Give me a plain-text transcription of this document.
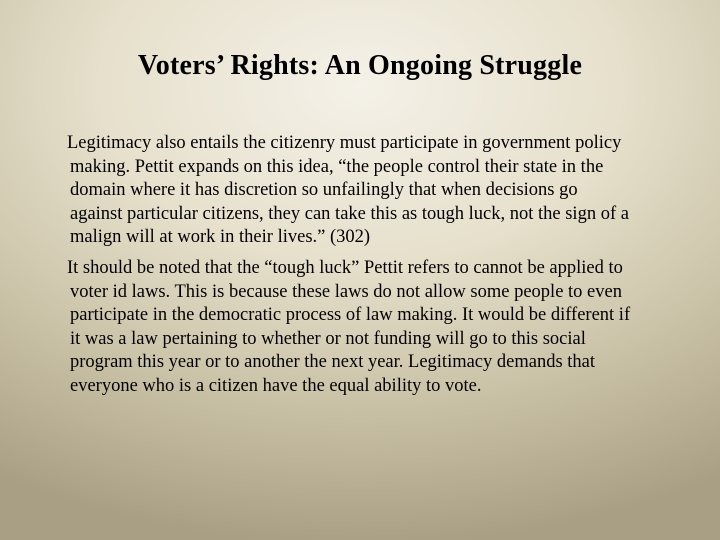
Voters’ Rights: An Ongoing Struggle

Legitimacy also entails the citizenry must participate in government policy
making. Pettit expands on this idea, “the people control their state in the
domain where it has discretion so unfailingly that when decisions go
against particular citizens, they can take this as tough luck, not the sign of a
malign will at work in their lives.” (302)

It should be noted that the “tough luck” Pettit refers to cannot be applied to
voter id laws. This is because these laws do not allow some people to even
participate in the democratic process of law making. It would be different if
it was a law pertaining to whether or not funding will go to this social
program this year or to another the next year. Legitimacy demands that
everyone who is a citizen have the equal ability to vote.
